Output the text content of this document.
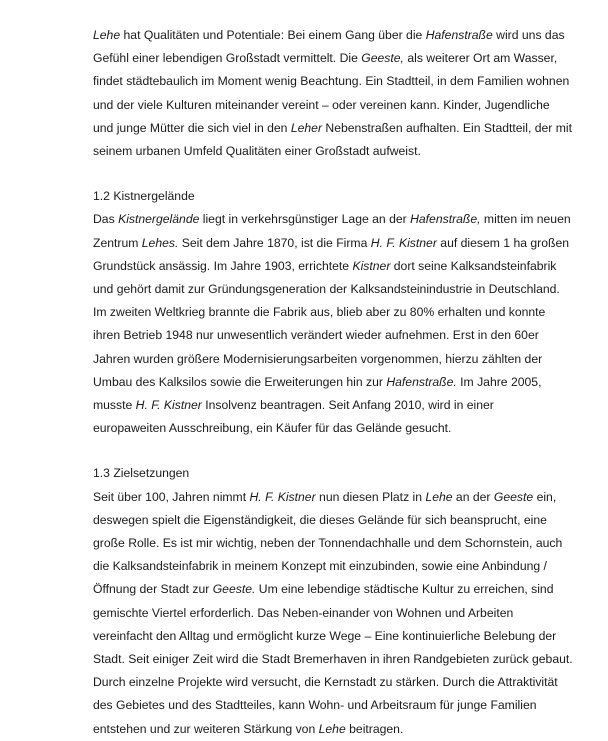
Lehe hat Qualitäten und Potentiale: Bei einem Gang über die Hafenstraße wird uns das
Gefühl einer lebendigen Großstadt vermittelt. Die Geeste, als weiterer Ort am Wasser,
findet städtebaulich im Moment wenig Beachtung. Ein Stadtteil, in dem Familien wohnen
und der viele Kulturen miteinander vereint – oder vereinen kann. Kinder, Jugendliche
und junge Mütter die sich viel in den Leher Nebenstraßen aufhalten. Ein Stadtteil, der mit
seinem urbanen Umfeld Qualitäten einer Großstadt aufweist.
1.2 Kistnergelände
Das Kistnergelände liegt in verkehrsgünstiger Lage an der Hafenstraße, mitten im neuen
Zentrum Lehes. Seit dem Jahre 1870, ist die Firma H. F. Kistner auf diesem 1 ha großen
Grundstück ansässig. Im Jahre 1903, errichtete Kistner dort seine Kalksandsteinfabrik
und gehört damit zur Gründungsgeneration der Kalksandsteinindustrie in Deutschland.
Im zweiten Weltkrieg brannte die Fabrik aus, blieb aber zu 80% erhalten und konnte
ihren Betrieb 1948 nur unwesentlich verändert wieder aufnehmen. Erst in den 60er
Jahren wurden größere Modernisierungsarbeiten vorgenommen, hierzu zählten der
Umbau des Kalksilos sowie die Erweiterungen hin zur Hafenstraße. Im Jahre 2005,
musste H. F. Kistner Insolvenz beantragen. Seit Anfang 2010, wird in einer
europaweiten Ausschreibung, ein Käufer für das Gelände gesucht.
1.3 Zielsetzungen
Seit über 100, Jahren nimmt H. F. Kistner nun diesen Platz in Lehe an der Geeste ein,
deswegen spielt die Eigenständigkeit, die dieses Gelände für sich beansprucht, eine
große Rolle. Es ist mir wichtig, neben der Tonnendachhalle und dem Schornstein, auch
die Kalksandsteinfabrik in meinem Konzept mit einzubinden, sowie eine Anbindung /
Öffnung der Stadt zur Geeste. Um eine lebendige städtische Kultur zu erreichen, sind
gemischte Viertel erforderlich. Das Neben-einander von Wohnen und Arbeiten
vereinfacht den Alltag und ermöglicht kurze Wege – Eine kontinuierliche Belebung der
Stadt. Seit einiger Zeit wird die Stadt Bremerhaven in ihren Randgebieten zurück gebaut.
Durch einzelne Projekte wird versucht, die Kernstadt zu stärken. Durch die Attraktivität
des Gebietes und des Stadtteiles, kann Wohn- und Arbeitsraum für junge Familien
entstehen und zur weiteren Stärkung von Lehe beitragen.
